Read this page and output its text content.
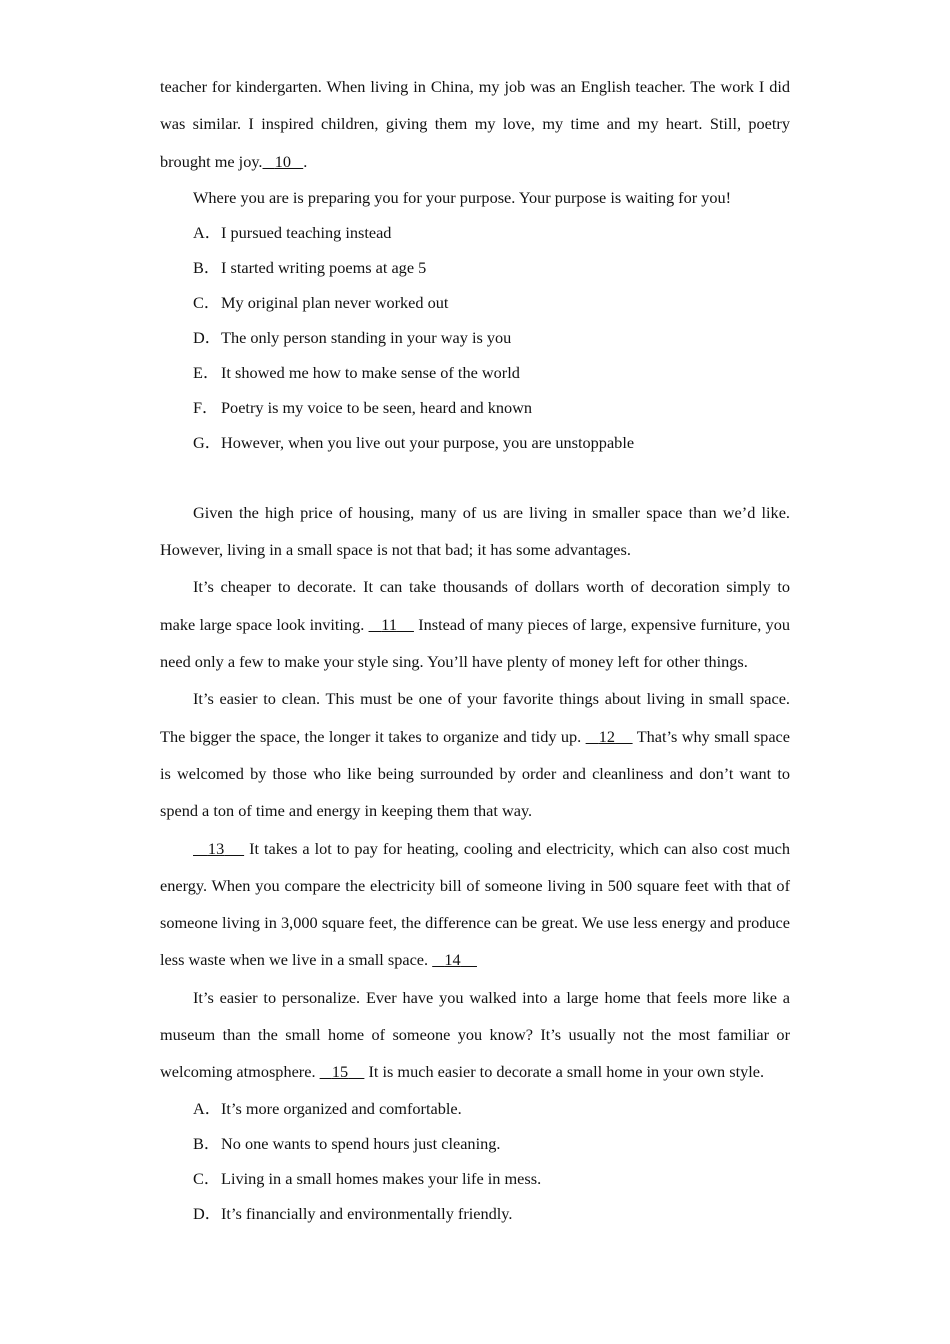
teacher for kindergarten. When living in China, my job was an English teacher. The work I did was similar. I inspired children, giving them my love, my time and my heart. Still, poetry brought me joy. 10 .

Where you are is preparing you for your purpose. Your purpose is waiting for you!

A．I pursued teaching instead

B．I started writing poems at age 5

C．My original plan never worked out

D．The only person standing in your way is you

E． It showed me how to make sense of the world

F． Poetry is my voice to be seen, heard and known

G．However, when you live out your purpose, you are unstoppable

Given the high price of housing, many of us are living in smaller space than we’d like. However, living in a small space is not that bad; it has some advantages.

It’s cheaper to decorate. It can take thousands of dollars worth of decoration simply to make large space look inviting. 11 Instead of many pieces of large, expensive furniture, you need only a few to make your style sing. You’ll have plenty of money left for other things.

It’s easier to clean. This must be one of your favorite things about living in small space. The bigger the space, the longer it takes to organize and tidy up. 12 That’s why small space is welcomed by those who like being surrounded by order and cleanliness and don’t want to spend a ton of time and energy in keeping them that way.

13 It takes a lot to pay for heating, cooling and electricity, which can also cost much energy. When you compare the electricity bill of someone living in 500 square feet with that of someone living in 3,000 square feet, the difference can be great. We use less energy and produce less waste when we live in a small space. 14

It’s easier to personalize. Ever have you walked into a large home that feels more like a museum than the small home of someone you know? It’s usually not the most familiar or welcoming atmosphere. 15 It is much easier to decorate a small home in your own style.

A．It’s more organized and comfortable.

B．No one wants to spend hours just cleaning.

C．Living in a small homes makes your life in mess.

D．It’s financially and environmentally friendly.
